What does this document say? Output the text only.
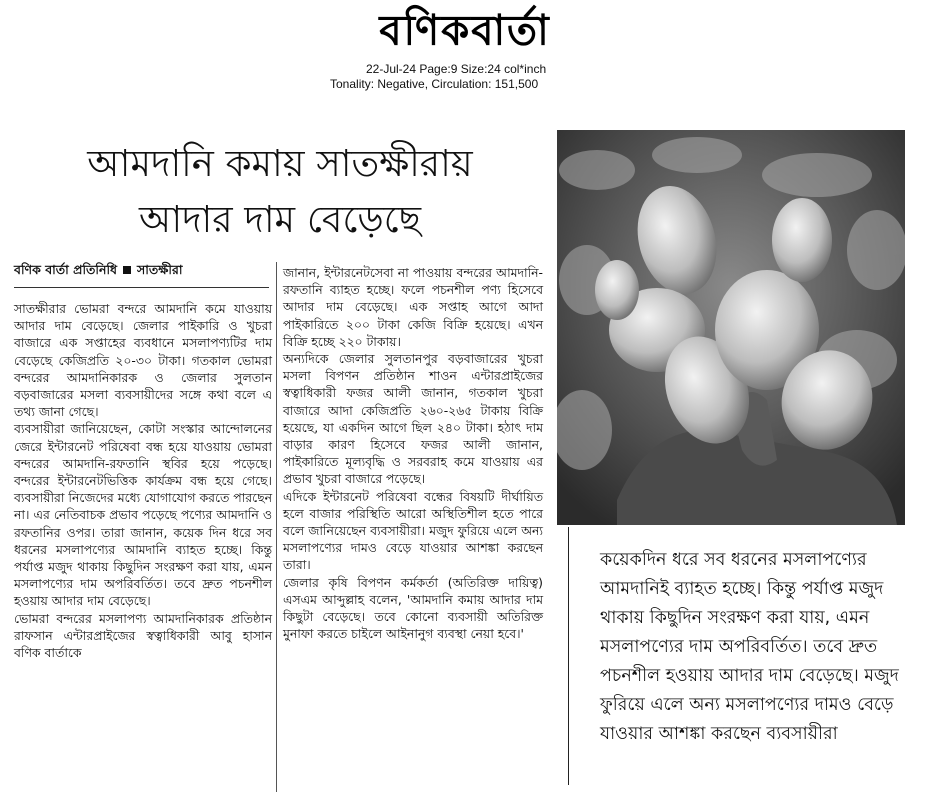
বণিকবার্তা
22-Jul-24 Page:9 Size:24 col*inch
Tonality: Negative, Circulation: 151,500
আমদানি কমায় সাতক্ষীরায়
আদার দাম বেড়েছে
বণিক বার্তা প্রতিনিধি সাতক্ষীরা

সাতক্ষীরার ভোমরা বন্দরে আমদানি কমে যাওয়ায় আদার দাম বেড়েছে। জেলার পাইকারি ও খুচরা বাজারে এক সপ্তাহের ব্যবধানে মসলাপণ্যটির দাম বেড়েছে কেজিপ্রতি ২০-৩০ টাকা। গতকাল ভোমরা বন্দরের আমদানিকারক ও জেলার সুলতান বড়বাজারের মসলা ব্যবসায়ীদের সঙ্গে কথা বলে এ তথ্য জানা গেছে।

ব্যবসায়ীরা জানিয়েছেন, কোটা সংস্কার আন্দোলনের জেরে ইন্টারনেট পরিষেবা বন্ধ হয়ে যাওয়ায় ভোমরা বন্দরের আমদানি-রফতানি স্থবির হয়ে পড়েছে। বন্দরের ইন্টারনেটভিত্তিক কার্যক্রম বন্ধ হয়ে গেছে। ব্যবসায়ীরা নিজেদের মধ্যে যোগাযোগ করতে পারছেন না। এর নেতিবাচক প্রভাব পড়েছে পণ্যের আমদানি ও রফতানির ওপর। তারা জানান, কয়েক দিন ধরে সব ধরনের মসলাপণ্যের আমদানি ব্যাহত হচ্ছে। কিন্তু পর্যাপ্ত মজুদ থাকায় কিছুদিন সংরক্ষণ করা যায়, এমন মসলাপণ্যের দাম অপরিবর্তিত। তবে দ্রুত পচনশীল হওয়ায় আদার দাম বেড়েছে।

ভোমরা বন্দরের মসলাপণ্য আমদানিকারক প্রতিষ্ঠান রাফসান এন্টারপ্রাইজের স্বত্বাধিকারী আবু হাসান বণিক বার্তাকে

জানান, ইন্টারনেটসেবা না পাওয়ায় বন্দরের আমদানি-রফতানি ব্যাহত হচ্ছে। ফলে পচনশীল পণ্য হিসেবে আদার দাম বেড়েছে। এক সপ্তাহ আগে আদা পাইকারিতে ২০০ টাকা কেজি বিক্রি হয়েছে। এখন বিক্রি হচ্ছে ২২০ টাকায়।

অন্যদিকে জেলার সুলতানপুর বড়বাজারের খুচরা মসলা বিপণন প্রতিষ্ঠান শাওন এন্টারপ্রাইজের স্বত্বাধিকারী ফজর আলী জানান, গতকাল খুচরা বাজারে আদা কেজিপ্রতি ২৬০-২৬৫ টাকায় বিক্রি হয়েছে, যা একদিন আগে ছিল ২৪০ টাকা। হঠাৎ দাম বাড়ার কারণ হিসেবে ফজর আলী জানান, পাইকারিতে মূল্যবৃদ্ধি ও সরবরাহ কমে যাওয়ায় এর প্রভাব খুচরা বাজারে পড়েছে।

এদিকে ইন্টারনেট পরিষেবা বন্ধের বিষয়টি দীর্ঘায়িত হলে বাজার পরিস্থিতি আরো অস্থিতিশীল হতে পারে বলে জানিয়েছেন ব্যবসায়ীরা। মজুদ ফুরিয়ে এলে অন্য মসলাপণ্যের দামও বেড়ে যাওয়ার আশঙ্কা করছেন তারা।

জেলার কৃষি বিপণন কর্মকর্তা (অতিরিক্ত দায়িত্ব) এসএম আব্দুল্লাহ বলেন, 'আমদানি কমায় আদার দাম কিছুটা বেড়েছে। তবে কোনো ব্যবসায়ী অতিরিক্ত মুনাফা করতে চাইলে আইনানুগ ব্যবস্থা নেয়া হবে।'

কয়েকদিন ধরে সব ধরনের মসলাপণ্যের আমদানিই ব্যাহত হচ্ছে। কিন্তু পর্যাপ্ত মজুদ থাকায় কিছুদিন সংরক্ষণ করা যায়, এমন মসলাপণ্যের দাম অপরিবর্তিত। তবে দ্রুত পচনশীল হওয়ায় আদার দাম বেড়েছে। মজুদ ফুরিয়ে এলে অন্য মসলাপণ্যের দামও বেড়ে যাওয়ার আশঙ্কা করছেন ব্যবসায়ীরা
